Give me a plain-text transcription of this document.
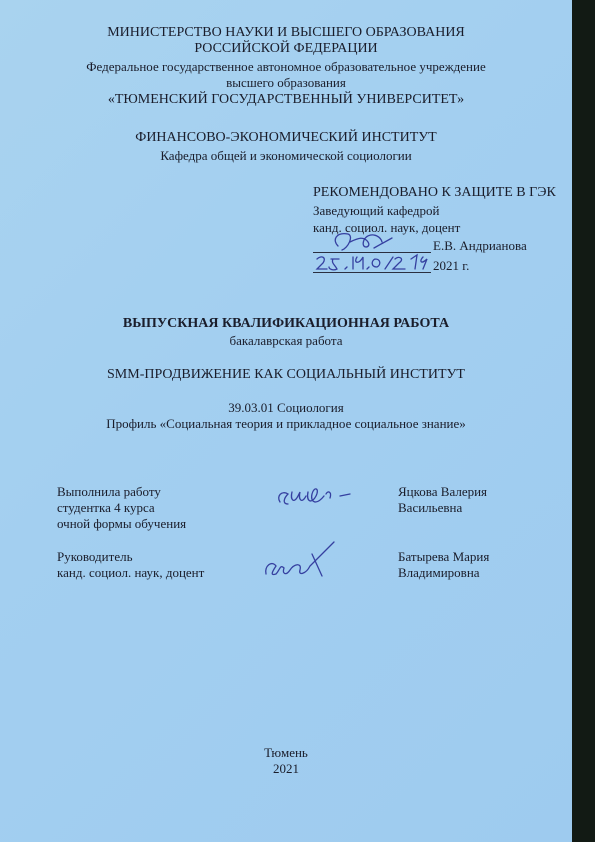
МИНИСТЕРСТВО НАУКИ И ВЫСШЕГО ОБРАЗОВАНИЯ
РОССИЙСКОЙ ФЕДЕРАЦИИ
Федеральное государственное автономное образовательное учреждение
высшего образования
«ТЮМЕНСКИЙ ГОСУДАРСТВЕННЫЙ УНИВЕРСИТЕТ»
ФИНАНСОВО-ЭКОНОМИЧЕСКИЙ ИНСТИТУТ
Кафедра общей и экономической социологии
РЕКОМЕНДОВАНО К ЗАЩИТЕ В ГЭК
Заведующий кафедрой
канд. социол. наук, доцент
Е.В. Андрианова
2021 г.
ВЫПУСКНАЯ КВАЛИФИКАЦИОННАЯ РАБОТА
бакалаврская работа
SMM-ПРОДВИЖЕНИЕ КАК СОЦИАЛЬНЫЙ ИНСТИТУТ
39.03.01 Социология
Профиль «Социальная теория и прикладное социальное знание»
Выполнила работу
студентка 4 курса
очной формы обучения
Яцкова Валерия
Васильевна
Руководитель
канд. социол. наук, доцент
Батырева Мария
Владимировна
Тюмень
2021
